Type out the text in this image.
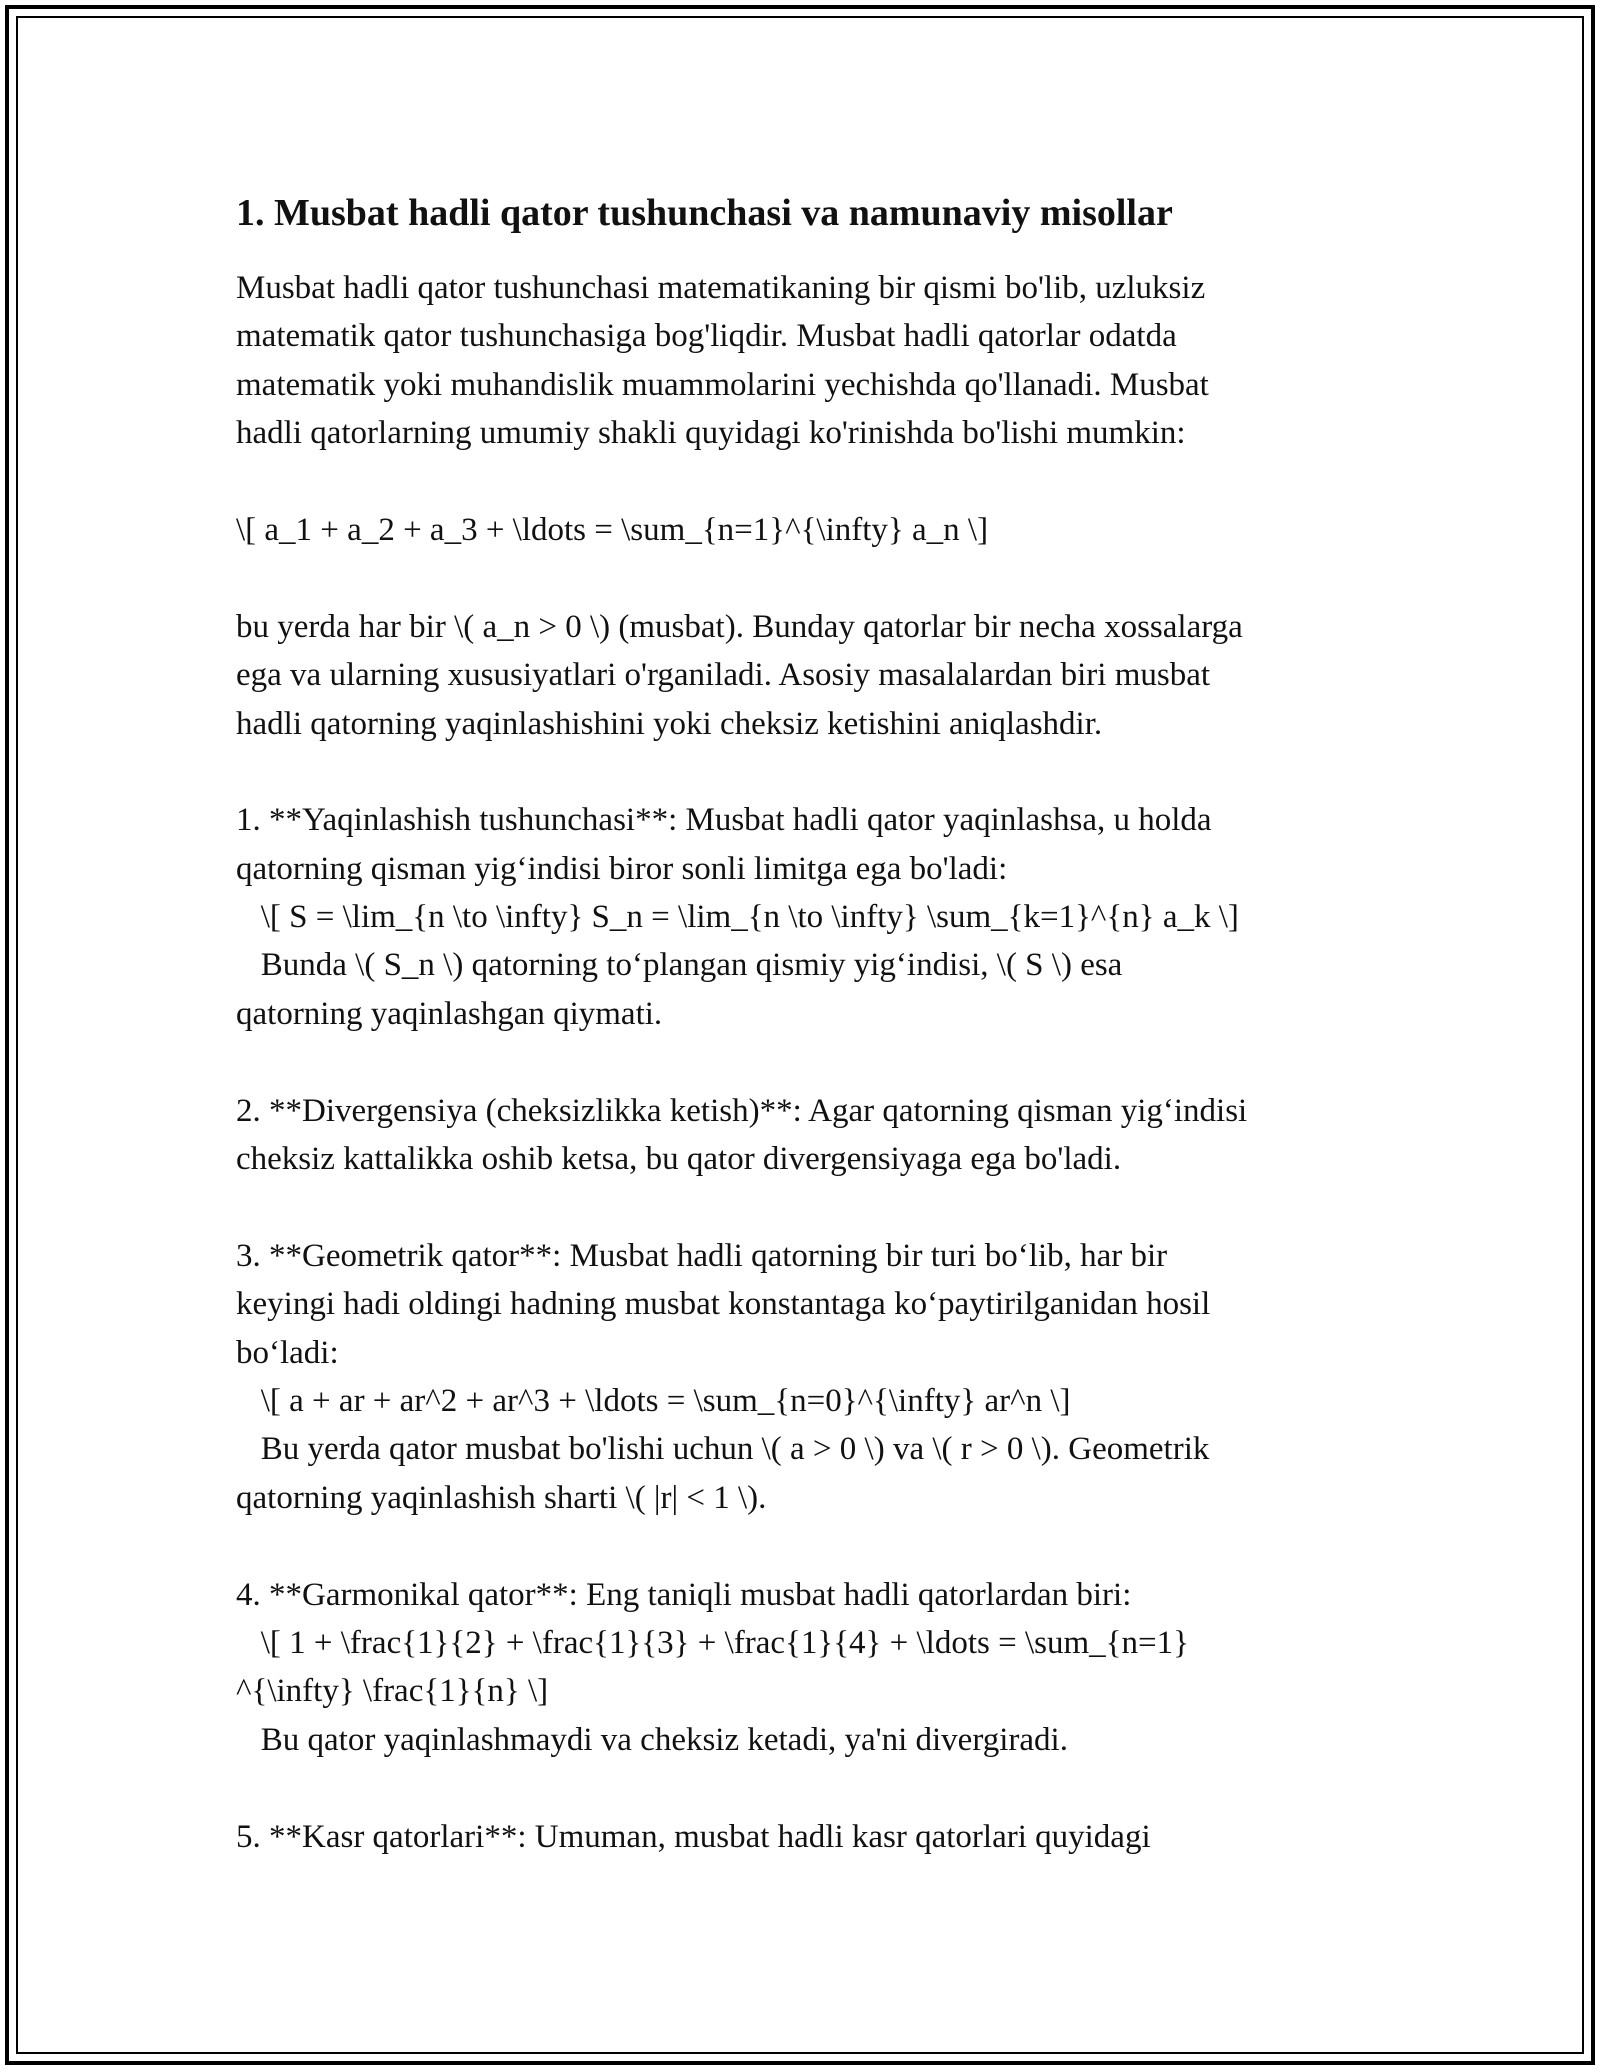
1. Musbat hadli qator tushunchasi va namunaviy misollar
Musbat hadli qator tushunchasi matematikaning bir qismi bo'lib, uzluksiz
matematik qator tushunchasiga bog'liqdir. Musbat hadli qatorlar odatda
matematik yoki muhandislik muammolarini yechishda qo'llanadi. Musbat
hadli qatorlarning umumiy shakli quyidagi ko'rinishda bo'lishi mumkin:
\[ a_1 + a_2 + a_3 + \ldots = \sum_{n=1}^{\infty} a_n \]
bu yerda har bir \( a_n > 0 \) (musbat). Bunday qatorlar bir necha xossalarga
ega va ularning xususiyatlari o'rganiladi. Asosiy masalalardan biri musbat
hadli qatorning yaqinlashishini yoki cheksiz ketishini aniqlashdir.
1. **Yaqinlashish tushunchasi**: Musbat hadli qator yaqinlashsa, u holda
qatorning qisman yig‘indisi biror sonli limitga ega bo'ladi:
\[ S = \lim_{n \to \infty} S_n = \lim_{n \to \infty} \sum_{k=1}^{n} a_k \]
Bunda \( S_n \) qatorning to‘plangan qismiy yig‘indisi, \( S \) esa
qatorning yaqinlashgan qiymati.
2. **Divergensiya (cheksizlikka ketish)**: Agar qatorning qisman yig‘indisi
cheksiz kattalikka oshib ketsa, bu qator divergensiyaga ega bo'ladi.
3. **Geometrik qator**: Musbat hadli qatorning bir turi bo‘lib, har bir
keyingi hadi oldingi hadning musbat konstantaga ko‘paytirilganidan hosil
bo‘ladi:
\[ a + ar + ar^2 + ar^3 + \ldots = \sum_{n=0}^{\infty} ar^n \]
Bu yerda qator musbat bo'lishi uchun \( a > 0 \) va \( r > 0 \). Geometrik
qatorning yaqinlashish sharti \( |r| < 1 \).
4. **Garmonikal qator**: Eng taniqli musbat hadli qatorlardan biri:
\[ 1 + \frac{1}{2} + \frac{1}{3} + \frac{1}{4} + \ldots = \sum_{n=1}
^{\infty} \frac{1}{n} \]
Bu qator yaqinlashmaydi va cheksiz ketadi, ya'ni divergiradi.
5. **Kasr qatorlari**: Umuman, musbat hadli kasr qatorlari quyidagi
